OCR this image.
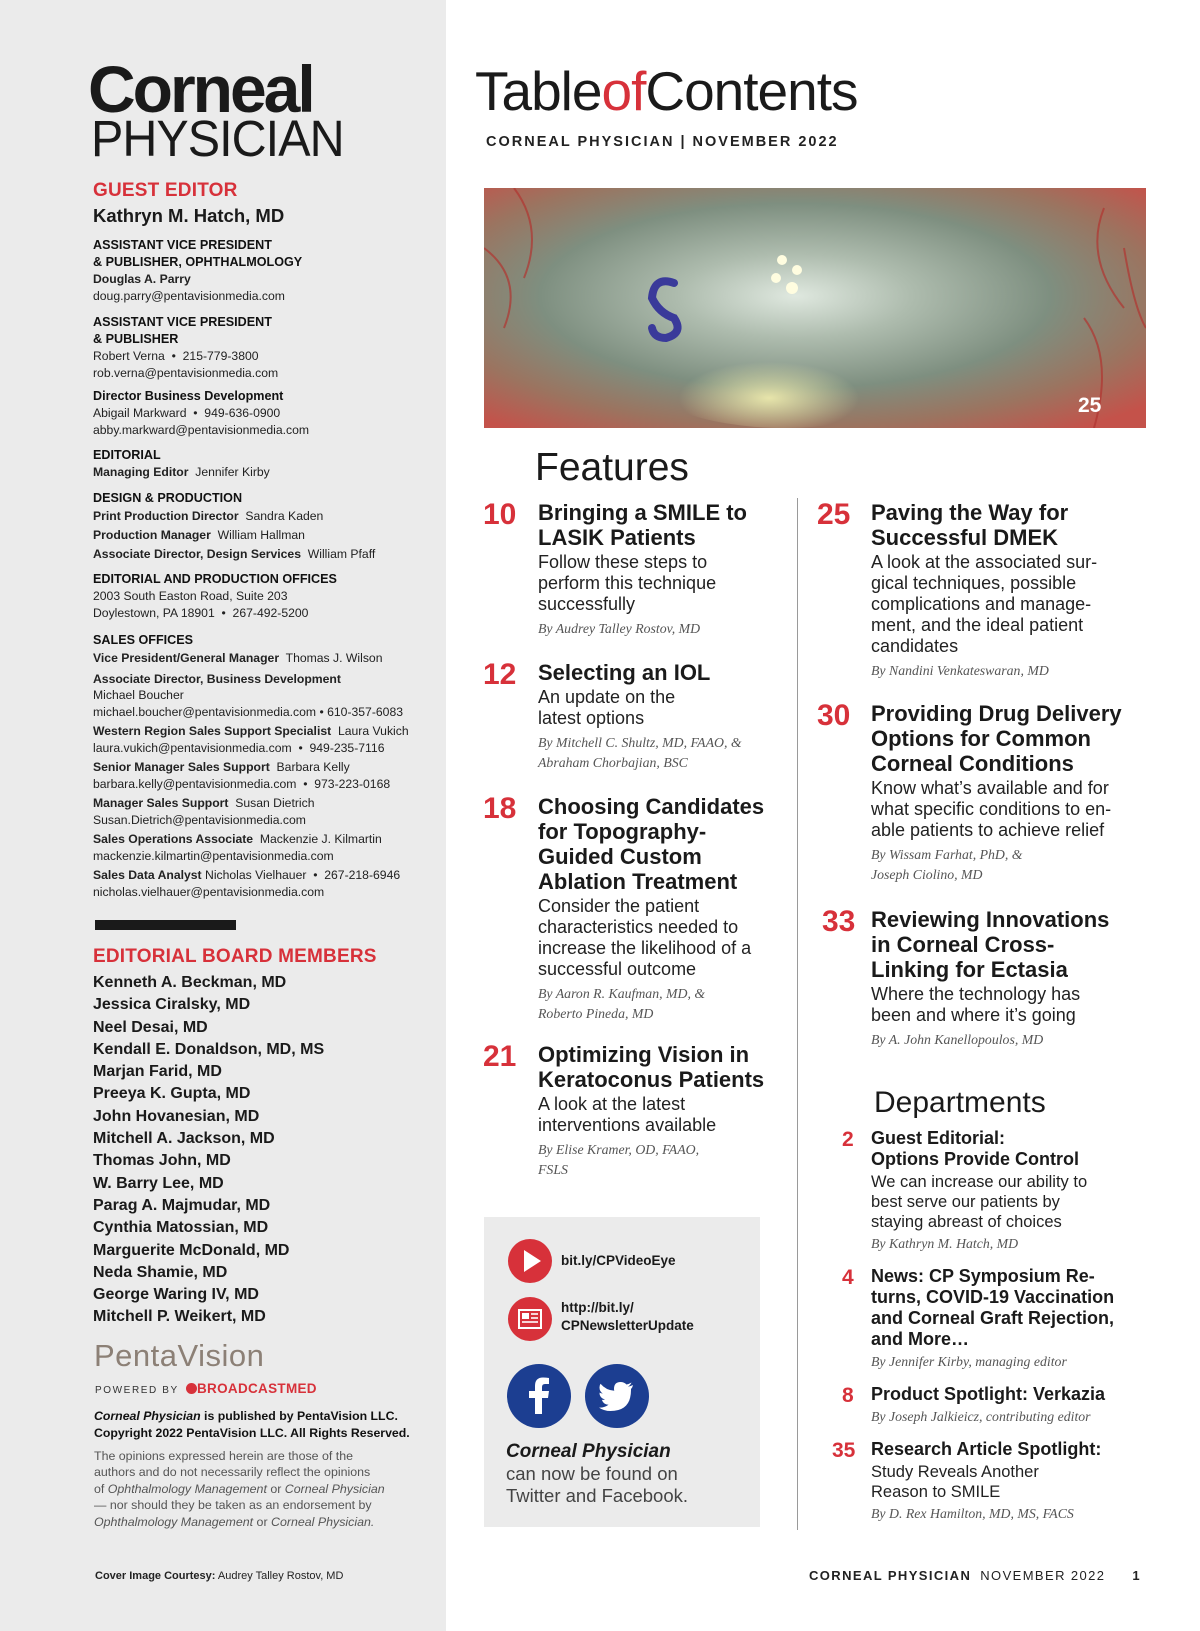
Corneal
PHYSICIAN
GUEST EDITOR
Kathryn M. Hatch, MD
ASSISTANT VICE PRESIDENT
& PUBLISHER, OPHTHALMOLOGY
Douglas A. Parry
doug.parry@pentavisionmedia.com
ASSISTANT VICE PRESIDENT
& PUBLISHER
Robert Verna  •  215-779-3800
rob.verna@pentavisionmedia.com
Director Business Development
Abigail Markward  •  949-636-0900
abby.markward@pentavisionmedia.com
EDITORIAL
Managing Editor Jennifer Kirby
DESIGN & PRODUCTION
Print Production Director Sandra Kaden
Production Manager William Hallman
Associate Director, Design Services William Pfaff
EDITORIAL AND PRODUCTION OFFICES
2003 South Easton Road, Suite 203
Doylestown, PA 18901  •  267-492-5200
SALES OFFICES
Vice President/General Manager Thomas J. Wilson
Associate Director, Business Development
Michael Boucher
michael.boucher@pentavisionmedia.com • 610-357-6083
Western Region Sales Support Specialist Laura Vukich
laura.vukich@pentavisionmedia.com  •  949-235-7116
Senior Manager Sales Support Barbara Kelly
barbara.kelly@pentavisionmedia.com  •  973-223-0168
Manager Sales Support Susan Dietrich
Susan.Dietrich@pentavisionmedia.com
Sales Operations Associate Mackenzie J. Kilmartin
mackenzie.kilmartin@pentavisionmedia.com
Sales Data Analyst Nicholas Vielhauer  •  267-218-6946
nicholas.vielhauer@pentavisionmedia.com
EDITORIAL BOARD MEMBERS
Kenneth A. Beckman, MD
Jessica Ciralsky, MD
Neel Desai, MD
Kendall E. Donaldson, MD, MS
Marjan Farid, MD
Preeya K. Gupta, MD
John Hovanesian, MD
Mitchell A. Jackson, MD
Thomas John, MD
W. Barry Lee, MD
Parag A. Majmudar, MD
Cynthia Matossian, MD
Marguerite McDonald, MD
Neda Shamie, MD
George Waring IV, MD
Mitchell P. Weikert, MD
PentaVision
POWERED BY BROADCASTMED
Corneal Physician is published by PentaVision LLC.
Copyright 2022 PentaVision LLC. All Rights Reserved.
The opinions expressed herein are those of the
authors and do not necessarily reflect the opinions
of Ophthalmology Management or Corneal Physician
— nor should they be taken as an endorsement by
Ophthalmology Management or Corneal Physician.
Cover Image Courtesy: Audrey Talley Rostov, MD
TableofContents
CORNEAL PHYSICIAN | NOVEMBER 2022
25
Features
10 Bringing a SMILE to
LASIK Patients
Follow these steps to
perform this technique
successfully
By Audrey Talley Rostov, MD
12 Selecting an IOL
An update on the
latest options
By Mitchell C. Shultz, MD, FAAO, &
Abraham Chorbajian, BSC
18 Choosing Candidates
for Topography-
Guided Custom
Ablation Treatment
Consider the patient
characteristics needed to
increase the likelihood of a
successful outcome
By Aaron R. Kaufman, MD, &
Roberto Pineda, MD
21 Optimizing Vision in
Keratoconus Patients
A look at the latest
interventions available
By Elise Kramer, OD, FAAO,
FSLS
25 Paving the Way for
Successful DMEK
A look at the associated sur-
gical techniques, possible
complications and manage-
ment, and the ideal patient
candidates
By Nandini Venkateswaran, MD
30 Providing Drug Delivery
Options for Common
Corneal Conditions
Know what’s available and for
what specific conditions to en-
able patients to achieve relief
By Wissam Farhat, PhD, &
Joseph Ciolino, MD
33 Reviewing Innovations
in Corneal Cross-
Linking for Ectasia
Where the technology has
been and where it’s going
By A. John Kanellopoulos, MD
Departments
2 Guest Editorial:
Options Provide Control
We can increase our ability to
best serve our patients by
staying abreast of choices
By Kathryn M. Hatch, MD
4 News: CP Symposium Re-
turns, COVID-19 Vaccination
and Corneal Graft Rejection,
and More…
By Jennifer Kirby, managing editor
8 Product Spotlight: Verkazia
By Joseph Jalkieicz, contributing editor
35 Research Article Spotlight:
Study Reveals Another
Reason to SMILE
By D. Rex Hamilton, MD, MS, FACS
bit.ly/CPVideoEye
http://bit.ly/
CPNewsletterUpdate
Corneal Physician
can now be found on
Twitter and Facebook.
CORNEAL PHYSICIAN NOVEMBER 2022 1
